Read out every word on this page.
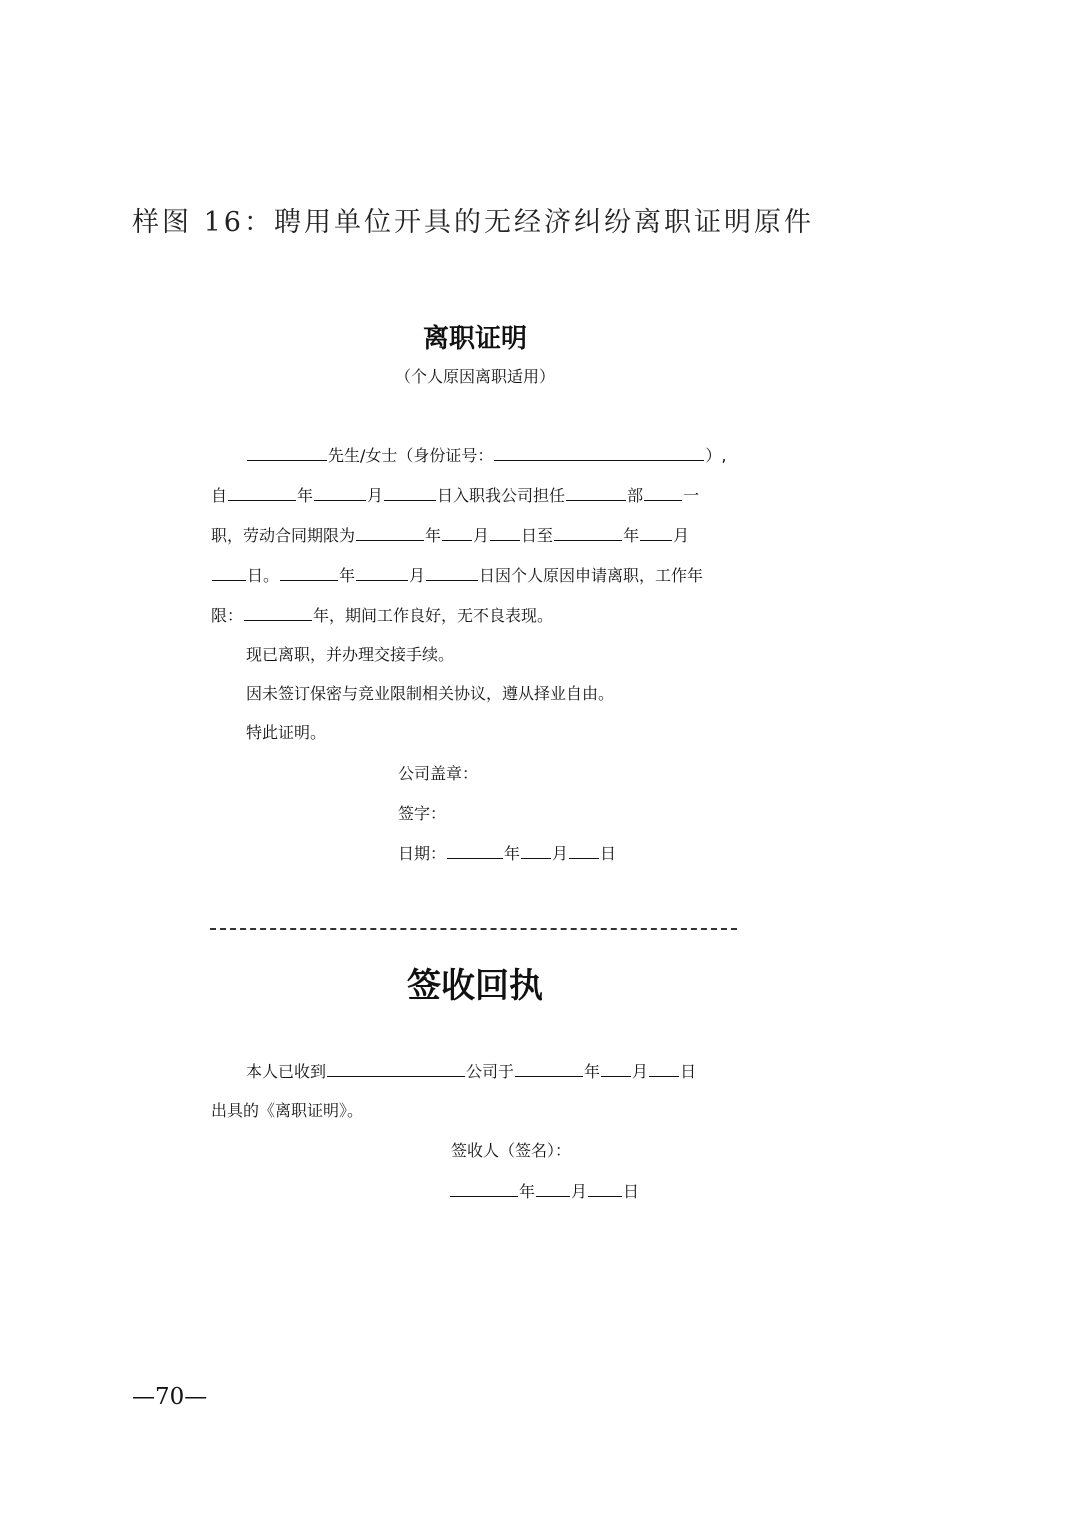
样图 16：聘用单位开具的无经济纠纷离职证明原件
离职证明
（个人原因离职适用）
先生/女士（身份证号：	）,
自	年	月	日入职我公司担任	部	一
职，劳动合同期限为	年 月 日至	年 月
日。	年	月	日因个人原因申请离职，工作年
限：	年，期间工作良好，无不良表现。
现已离职，并办理交接手续。
因未签订保密与竞业限制相关协议，遵从择业自由。
特此证明。
公司盖章：
签字：
日期：	年 月 日
签收回执
本人已收到	公司于	年 月 日
出具的《离职证明》。
签收人（签名）：
年 月 日
—70—
